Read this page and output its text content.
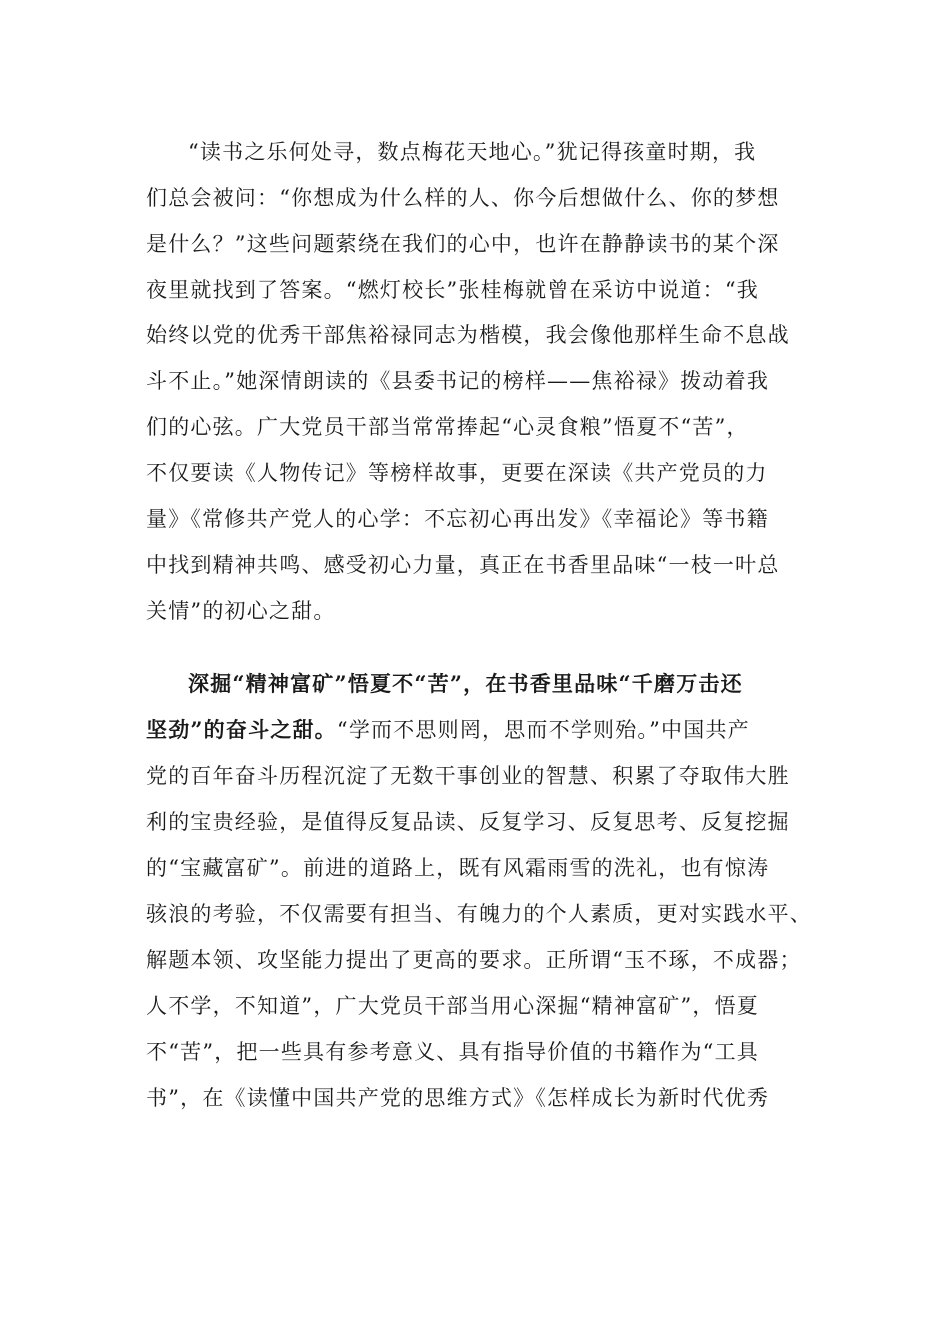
“读书之乐何处寻，数点梅花天地心。”犹记得孩童时期，我
们总会被问：“你想成为什么样的人、你今后想做什么、你的梦想
是什么？”这些问题萦绕在我们的心中，也许在静静读书的某个深
夜里就找到了答案。“燃灯校长”张桂梅就曾在采访中说道：“我
始终以党的优秀干部焦裕禄同志为楷模，我会像他那样生命不息战
斗不止。”她深情朗读的《县委书记的榜样——焦裕禄》拨动着我
们的心弦。广大党员干部当常常捧起“心灵食粮”悟夏不“苦”，
不仅要读《人物传记》等榜样故事，更要在深读《共产党员的力
量》《常修共产党人的心学：不忘初心再出发》《幸福论》等书籍
中找到精神共鸣、感受初心力量，真正在书香里品味“一枝一叶总
关情”的初心之甜。
深掘“精神富矿”悟夏不“苦”，在书香里品味“千磨万击还
坚劲”的奋斗之甜。“学而不思则罔，思而不学则殆。”中国共产
党的百年奋斗历程沉淀了无数干事创业的智慧、积累了夺取伟大胜
利的宝贵经验，是值得反复品读、反复学习、反复思考、反复挖掘
的“宝藏富矿”。前进的道路上，既有风霜雨雪的洗礼，也有惊涛
骇浪的考验，不仅需要有担当、有魄力的个人素质，更对实践水平、
解题本领、攻坚能力提出了更高的要求。正所谓“玉不琢，不成器；
人不学，不知道”，广大党员干部当用心深掘“精神富矿”，悟夏
不“苦”，把一些具有参考意义、具有指导价值的书籍作为“工具
书”，在《读懂中国共产党的思维方式》《怎样成长为新时代优秀
